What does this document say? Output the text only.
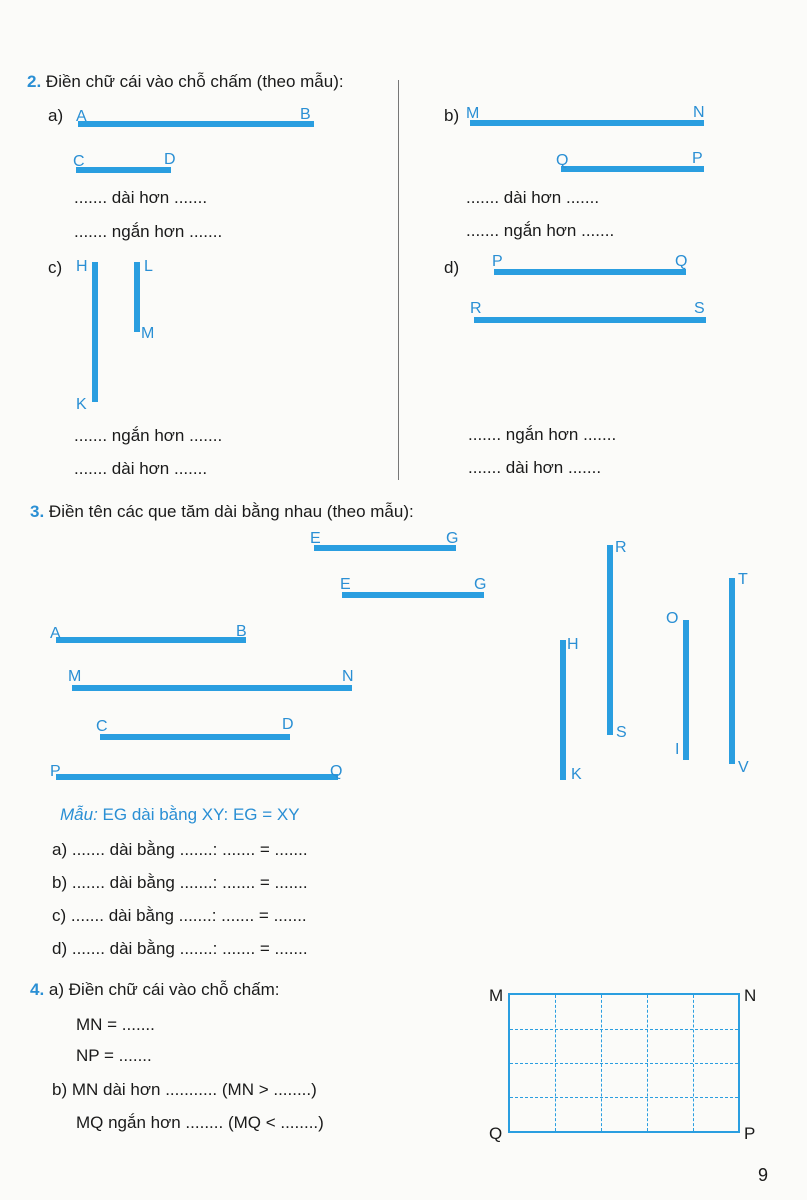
2. Điền chữ cái vào chỗ chấm (theo mẫu):
a) A	B
C	D
....... dài hơn .......
....... ngắn hơn .......
b) M	N
Q	P
....... dài hơn .......
....... ngắn hơn .......
c) H
K
L
M
....... ngắn hơn .......
....... dài hơn .......
d) P	Q
R	S
....... ngắn hơn .......
....... dài hơn .......
3. Điền tên các que tăm dài bằng nhau (theo mẫu):
E	G
E	G
A	B
M	N
C	D
P	Q
R
S
H
K
O
I
T
V
Mẫu: EG dài bằng XY: EG = XY
a) ....... dài bằng .......: ....... = .......
b) ....... dài bằng .......: ....... = .......
c) ....... dài bằng .......: ....... = .......
d) ....... dài bằng .......: ....... = .......
4. a) Điền chữ cái vào chỗ chấm:
MN = .......
NP = .......
b) MN dài hơn ........... (MN > ........)
MQ ngắn hơn ........ (MQ < ........)
M	N
Q	P
9
